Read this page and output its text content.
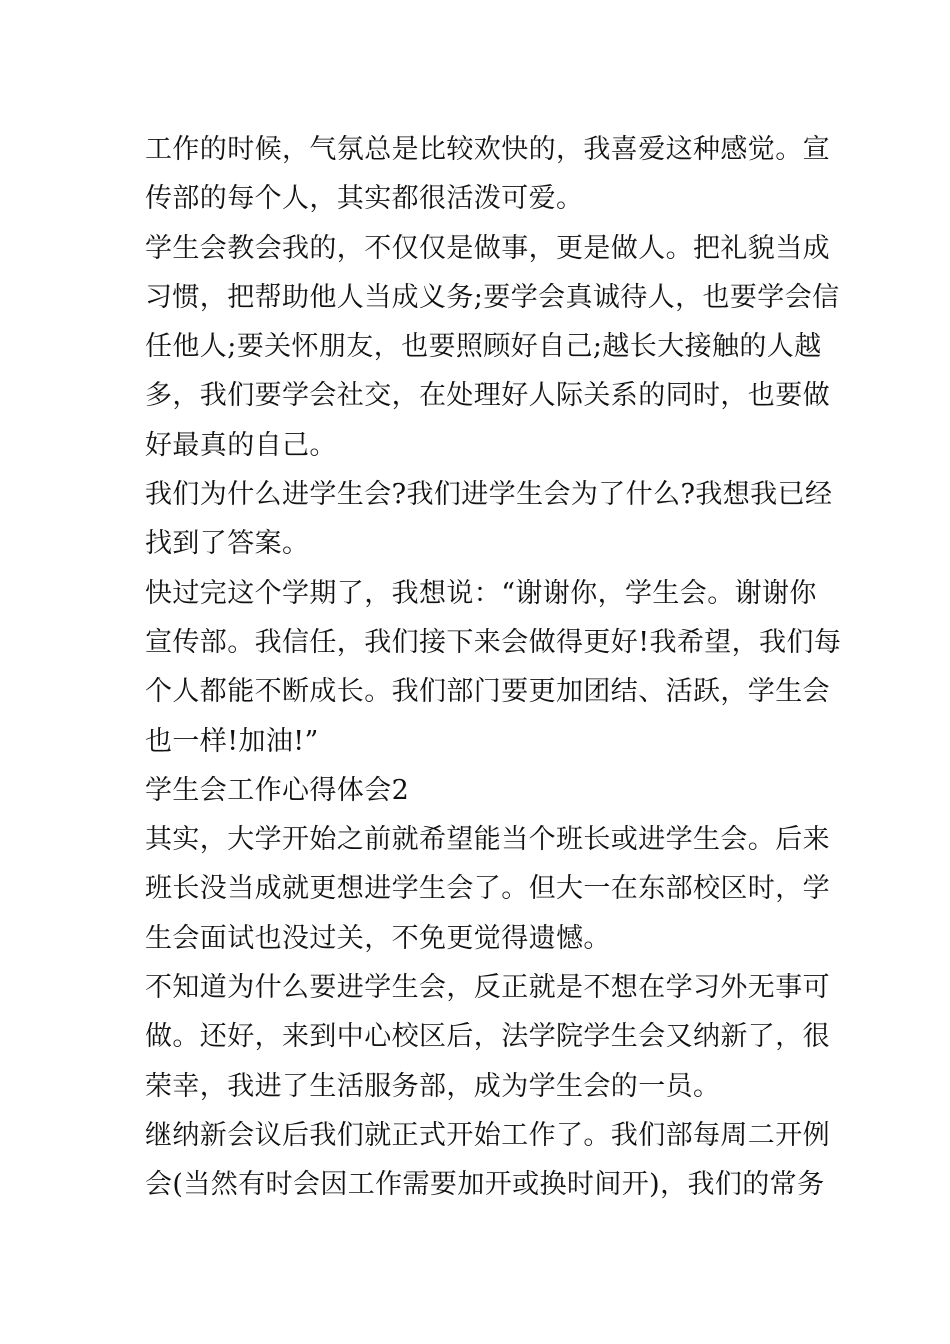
工作的时候，气氛总是比较欢快的，我喜爱这种感觉。宣
传部的每个人，其实都很活泼可爱。
学生会教会我的，不仅仅是做事，更是做人。把礼貌当成
习惯，把帮助他人当成义务;要学会真诚待人，也要学会信
任他人;要关怀朋友，也要照顾好自己;越长大接触的人越
多，我们要学会社交，在处理好人际关系的同时，也要做
好最真的自己。
我们为什么进学生会?我们进学生会为了什么?我想我已经
找到了答案。
快过完这个学期了，我想说：“谢谢你，学生会。谢谢你
宣传部。我信任，我们接下来会做得更好!我希望，我们每
个人都能不断成长。我们部门要更加团结、活跃，学生会
也一样!加油!”
学生会工作心得体会2
其实，大学开始之前就希望能当个班长或进学生会。后来
班长没当成就更想进学生会了。但大一在东部校区时，学
生会面试也没过关，不免更觉得遗憾。
不知道为什么要进学生会，反正就是不想在学习外无事可
做。还好，来到中心校区后，法学院学生会又纳新了，很
荣幸，我进了生活服务部，成为学生会的一员。
继纳新会议后我们就正式开始工作了。我们部每周二开例
会(当然有时会因工作需要加开或换时间开)，我们的常务
